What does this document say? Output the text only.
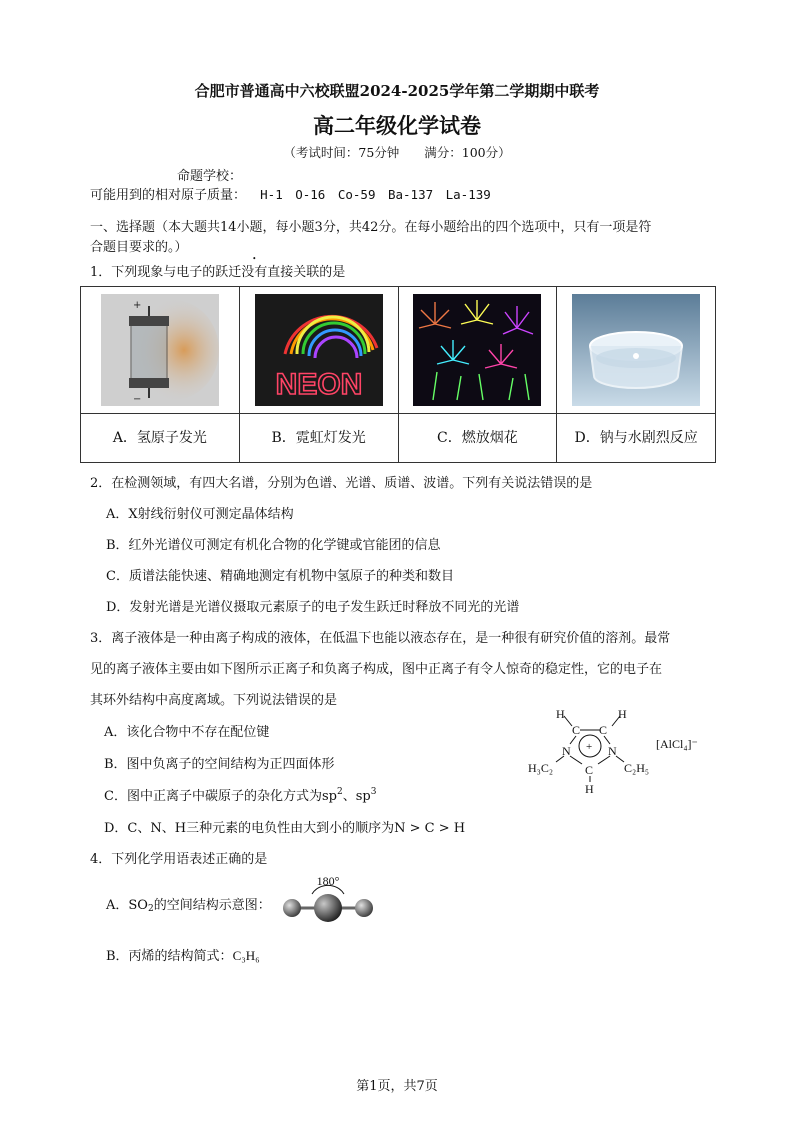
合肥市普通高中六校联盟2024-2025学年第二学期期中联考
高二年级化学试卷
（考试时间：75分钟　　满分：100分）
命题学校：
可能用到的相对原子质量： H-1　O-16　Co-59　Ba-137　La-139
一、选择题（本大题共14小题，每小题3分，共42分。在每小题给出的四个选项中，只有一项是符
合题目要求的。）
1．下列现象与电子的跃迁没有直接关联的是
+
−	NEON

A．氢原子发光	B．霓虹灯发光	C．燃放烟花	D．钠与水剧烈反应
2．在检测领域，有四大名谱，分别为色谱、光谱、质谱、波谱。下列有关说法错误的是
A．X射线衍射仪可测定晶体结构
B．红外光谱仪可测定有机化合物的化学键或官能团的信息
C．质谱法能快速、精确地测定有机物中氢原子的种类和数目
D．发射光谱是光谱仪摄取元素原子的电子发生跃迁时释放不同光的光谱
3．离子液体是一种由离子构成的液体，在低温下也能以液态存在，是一种很有研究价值的溶剂。最常
见的离子液体主要由如下图所示正离子和负离子构成，图中正离子有令人惊奇的稳定性，它的电子在
其环外结构中高度离域。下列说法错误的是
A．该化合物中不存在配位键
B．图中负离子的空间结构为正四面体形
C．图中正离子中碳原子的杂化方式为$sp^2$、$sp^3$
D．C、N、H三种元素的电负性由大到小的顺序为N > C > H
H	H
C C
N	N
+
C
H
H₃C₂	C₂H₅
[AlCl₄]⁻
4．下列化学用语表述正确的是
A．$SO_2$的空间结构示意图：
180°
B．丙烯的结构简式：C₃H₆
第1页，共7页
